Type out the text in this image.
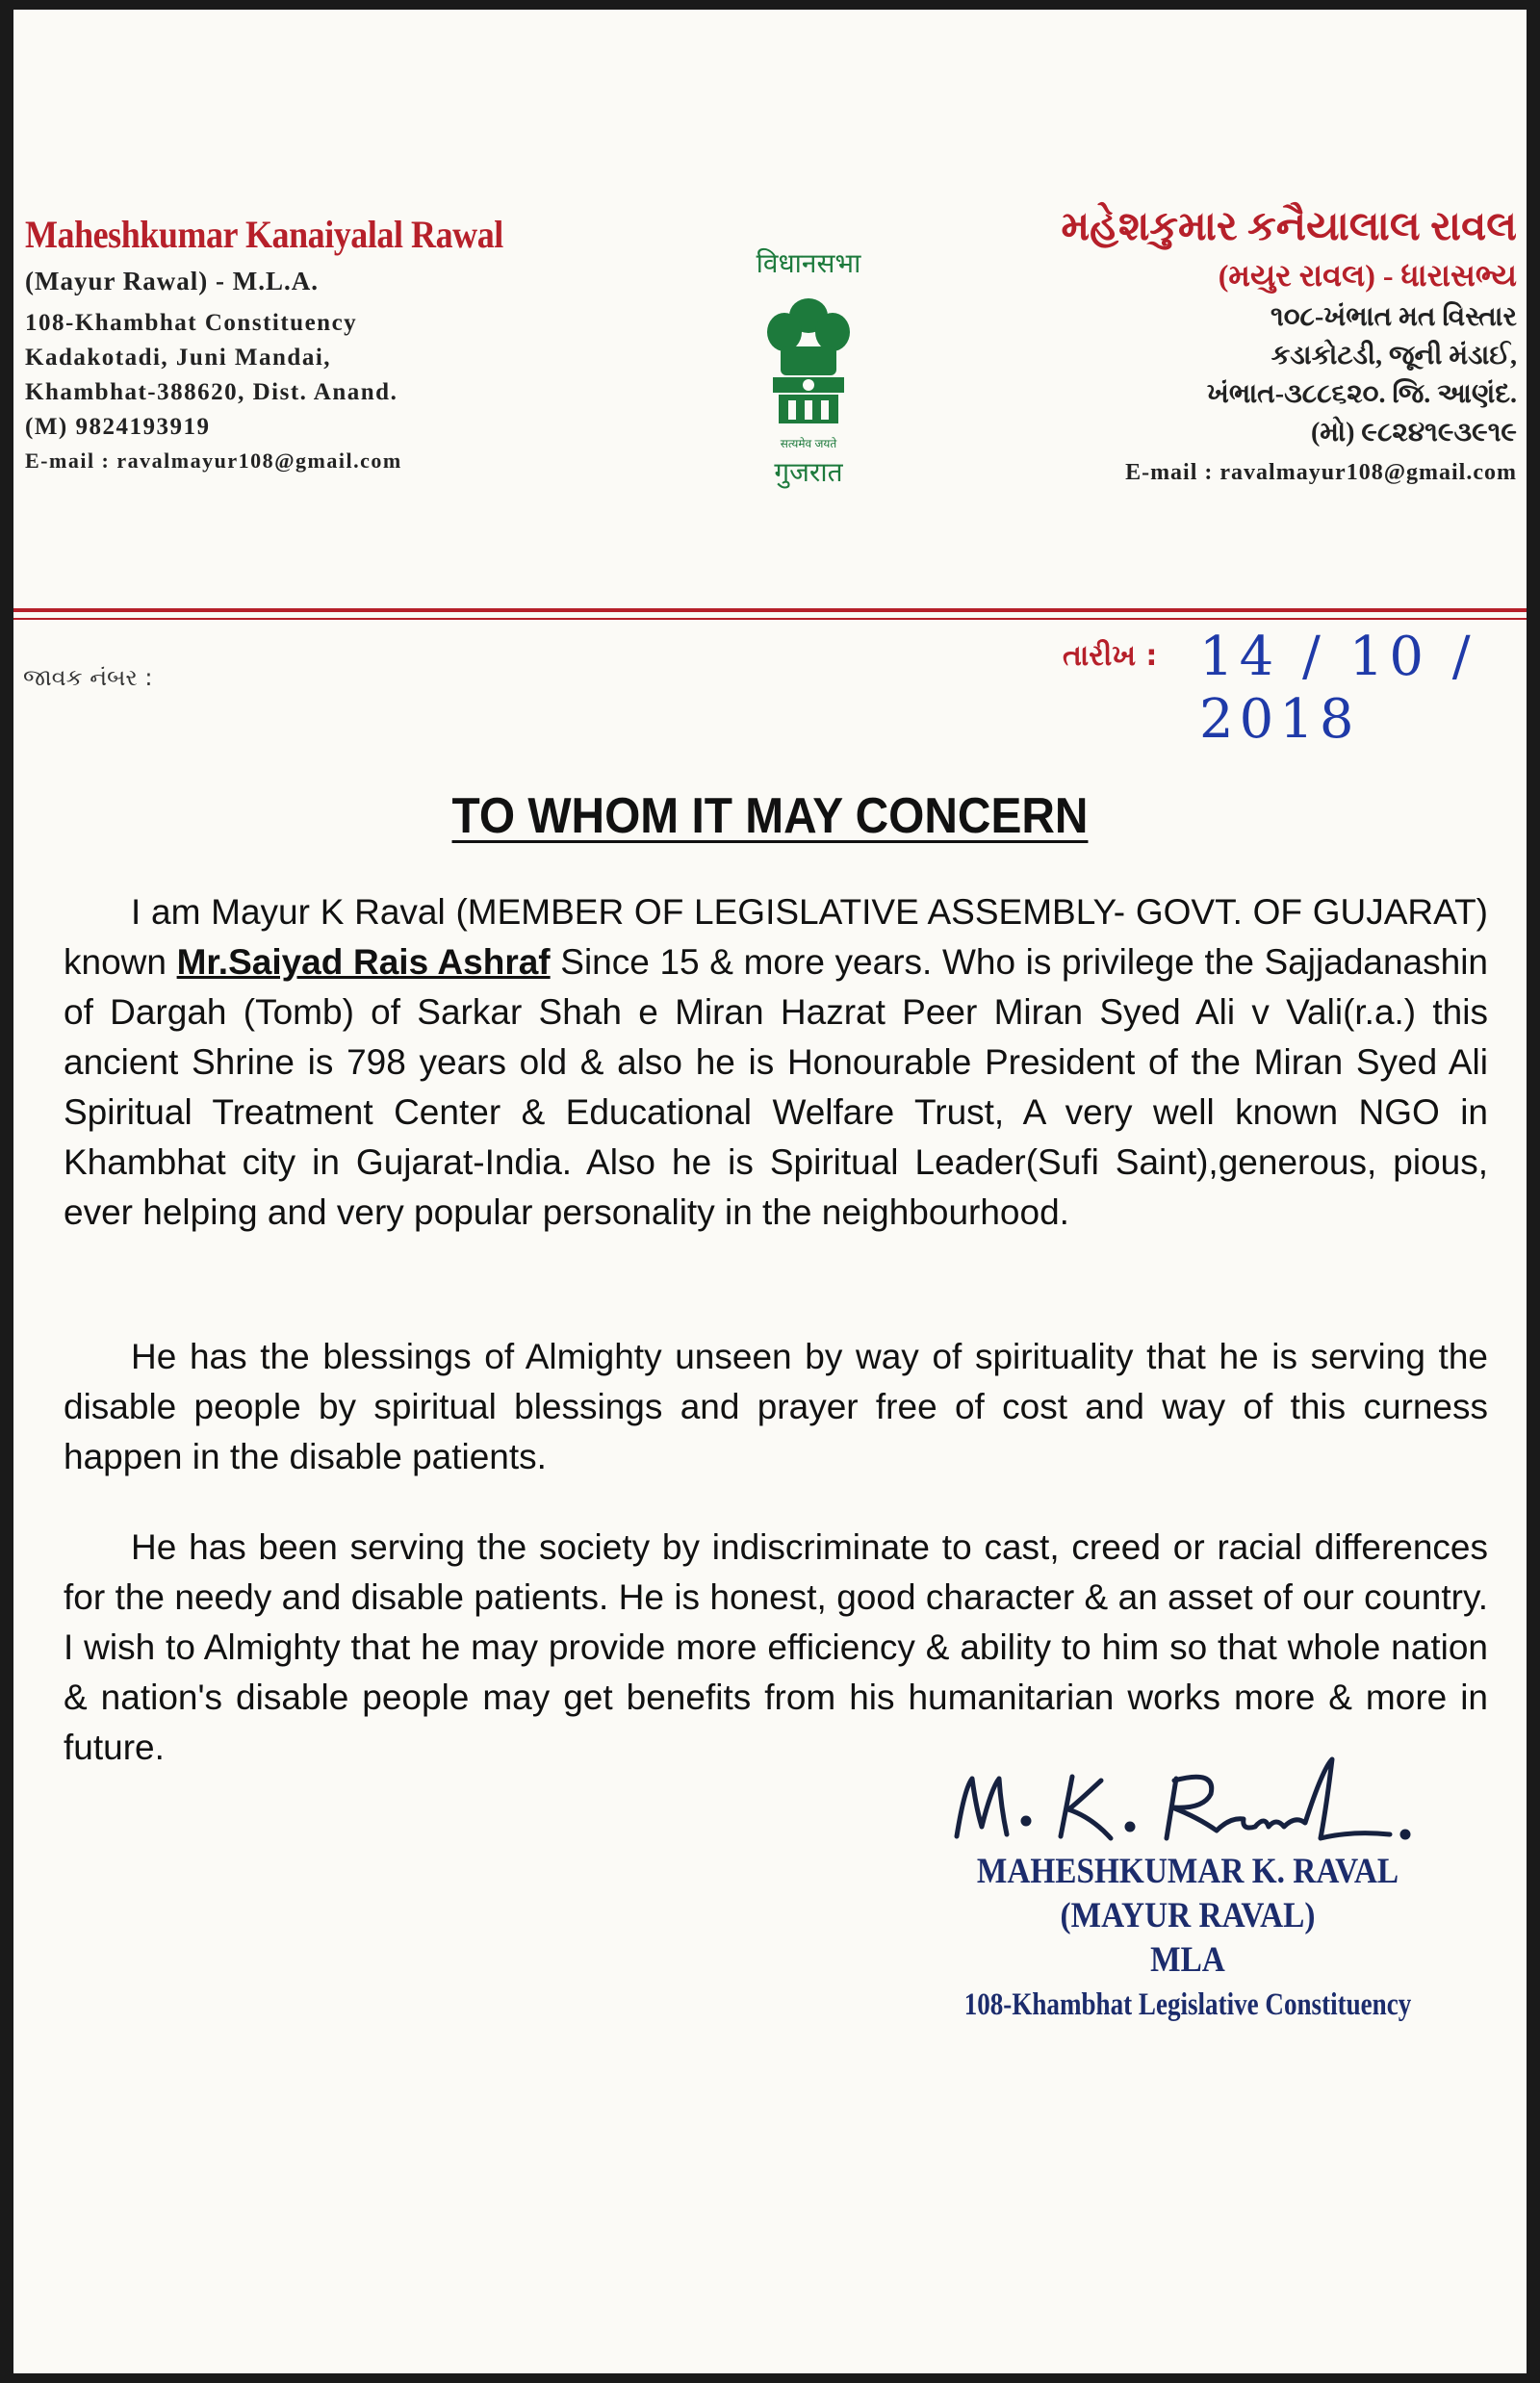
Maheshkumar Kanaiyalal Rawal
(Mayur Rawal) - M.L.A.
108-Khambhat Constituency
Kadakotadi, Juni Mandai,
Khambhat-388620, Dist. Anand.
(M) 9824193919
E-mail : ravalmayur108@gmail.com
विधानसभा
सत्यमेव जयते
गुजरात
મહેશકુમાર કનૈયાલાલ રાવલ
(મયુર રાવલ) - ધારાસભ્ય
૧૦૮-ખંભાત મત વિસ્તાર
કડાકોટડી, જૂની મંડાઈ,
ખંભાત-૩૮૮૬૨૦. જિ. આણંદ.
(મો) ૯૮૨૪૧૯૩૯૧૯
E-mail : ravalmayur108@gmail.com
જાવક નંબર :
તારીખ : 14 / 10 / 2018
TO WHOM IT MAY CONCERN
I am Mayur K Raval (MEMBER OF LEGISLATIVE ASSEMBLY- GOVT. OF GUJARAT) known Mr.Saiyad Rais Ashraf Since 15 & more years. Who is privilege the Sajjadanashin of Dargah (Tomb) of Sarkar Shah e Miran Hazrat Peer Miran Syed Ali v Vali(r.a.) this ancient Shrine is 798 years old & also he is Honourable President of the Miran Syed Ali Spiritual Treatment Center & Educational Welfare Trust, A very well known NGO in Khambhat city in Gujarat-India. Also he is Spiritual Leader(Sufi Saint),generous, pious, ever helping and very popular personality in the neighbourhood.
He has the blessings of Almighty unseen by way of spirituality that he is serving the disable people by spiritual blessings and prayer free of cost and way of this curness happen in the disable patients.
He has been serving the society by indiscriminate to cast, creed or racial differences for the needy and disable patients. He is honest, good character & an asset of our country. I wish to Almighty that he may provide more efficiency & ability to him so that whole nation & nation's disable people may get benefits from his humanitarian works more & more in future.
MAHESHKUMAR K. RAVAL
(MAYUR RAVAL)
MLA
108-Khambhat Legislative Constituency
